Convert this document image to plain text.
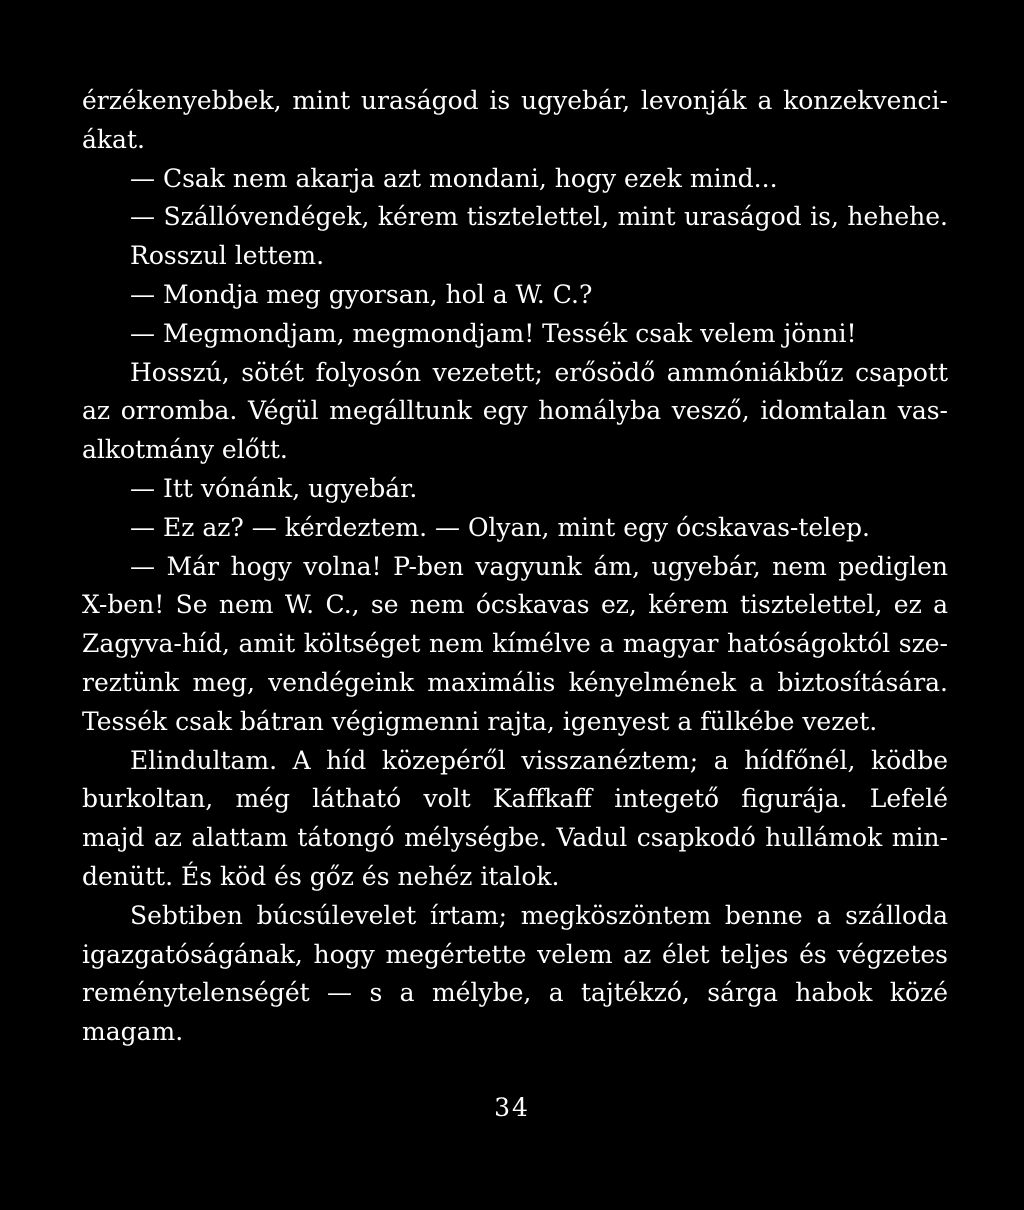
érzékenyebbek, mint uraságod is ugyebár, levonják a konzekvenci-
ákat.
— Csak nem akarja azt mondani, hogy ezek mind...
— Szállóvendégek, kérem tisztelettel, mint uraságod is, hehehe.
Rosszul lettem.
— Mondja meg gyorsan, hol a W. C.?
— Megmondjam, megmondjam! Tessék csak velem jönni!
Hosszú, sötét folyosón vezetett; erősödő ammóniákbűz csapott
az orromba. Végül megálltunk egy homályba vesző, idomtalan vas-
alkotmány előtt.
— Itt vónánk, ugyebár.
— Ez az? — kérdeztem. — Olyan, mint egy ócskavas-telep.
— Már hogy volna! P-ben vagyunk ám, ugyebár, nem pediglen
X-ben! Se nem W. C., se nem ócskavas ez, kérem tisztelettel, ez a
Zagyva-híd, amit költséget nem kímélve a magyar hatóságoktól sze-
reztünk meg, vendégeink maximális kényelmének a biztosítására.
Tessék csak bátran végigmenni rajta, igenyest a fülkébe vezet.
Elindultam. A híd közepéről visszanéztem; a hídfőnél, ködbe
burkoltan, még látható volt Kaffkaff integető figurája. Lefelé
majd az alattam tátongó mélységbe. Vadul csapkodó hullámok min-
denütt. És köd és gőz és nehéz italok.
Sebtiben búcsúlevelet írtam; megköszöntem benne a szálloda
igazgatóságának, hogy megértette velem az élet teljes és végzetes
reménytelenségét — s a mélybe, a tajtékzó, sárga habok közé
magam.
34
